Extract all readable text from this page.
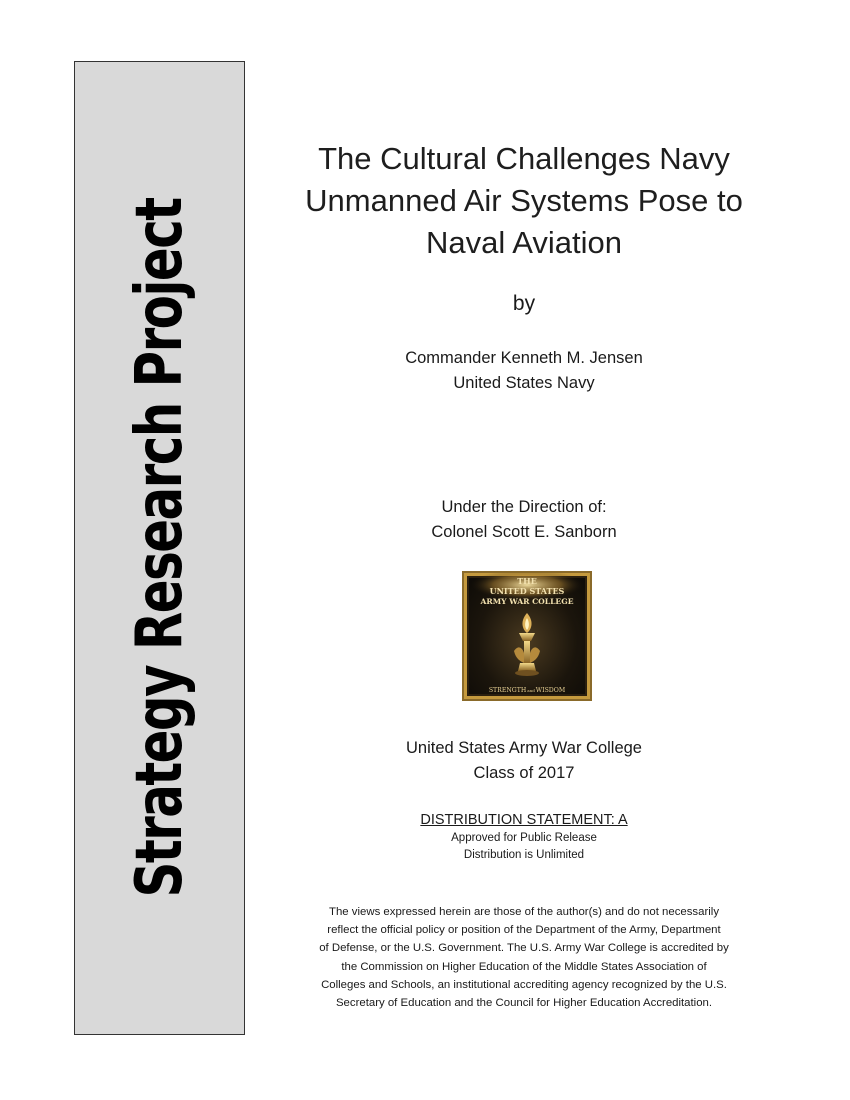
Strategy Research Project
The Cultural Challenges Navy
Unmanned Air Systems Pose to
Naval Aviation
by
Commander Kenneth M. Jensen
United States Navy
Under the Direction of:
Colonel Scott E. Sanborn
THE
UNITED STATES
ARMY WAR COLLEGE
STRENGTHandWISDOM
United States Army War College
Class of 2017
DISTRIBUTION STATEMENT: A
Approved for Public Release
Distribution is Unlimited
The views expressed herein are those of the author(s) and do not necessarily
reflect the official policy or position of the Department of the Army, Department
of Defense, or the U.S. Government. The U.S. Army War College is accredited by
the Commission on Higher Education of the Middle States Association of
Colleges and Schools, an institutional accrediting agency recognized by the U.S.
Secretary of Education and the Council for Higher Education Accreditation.
